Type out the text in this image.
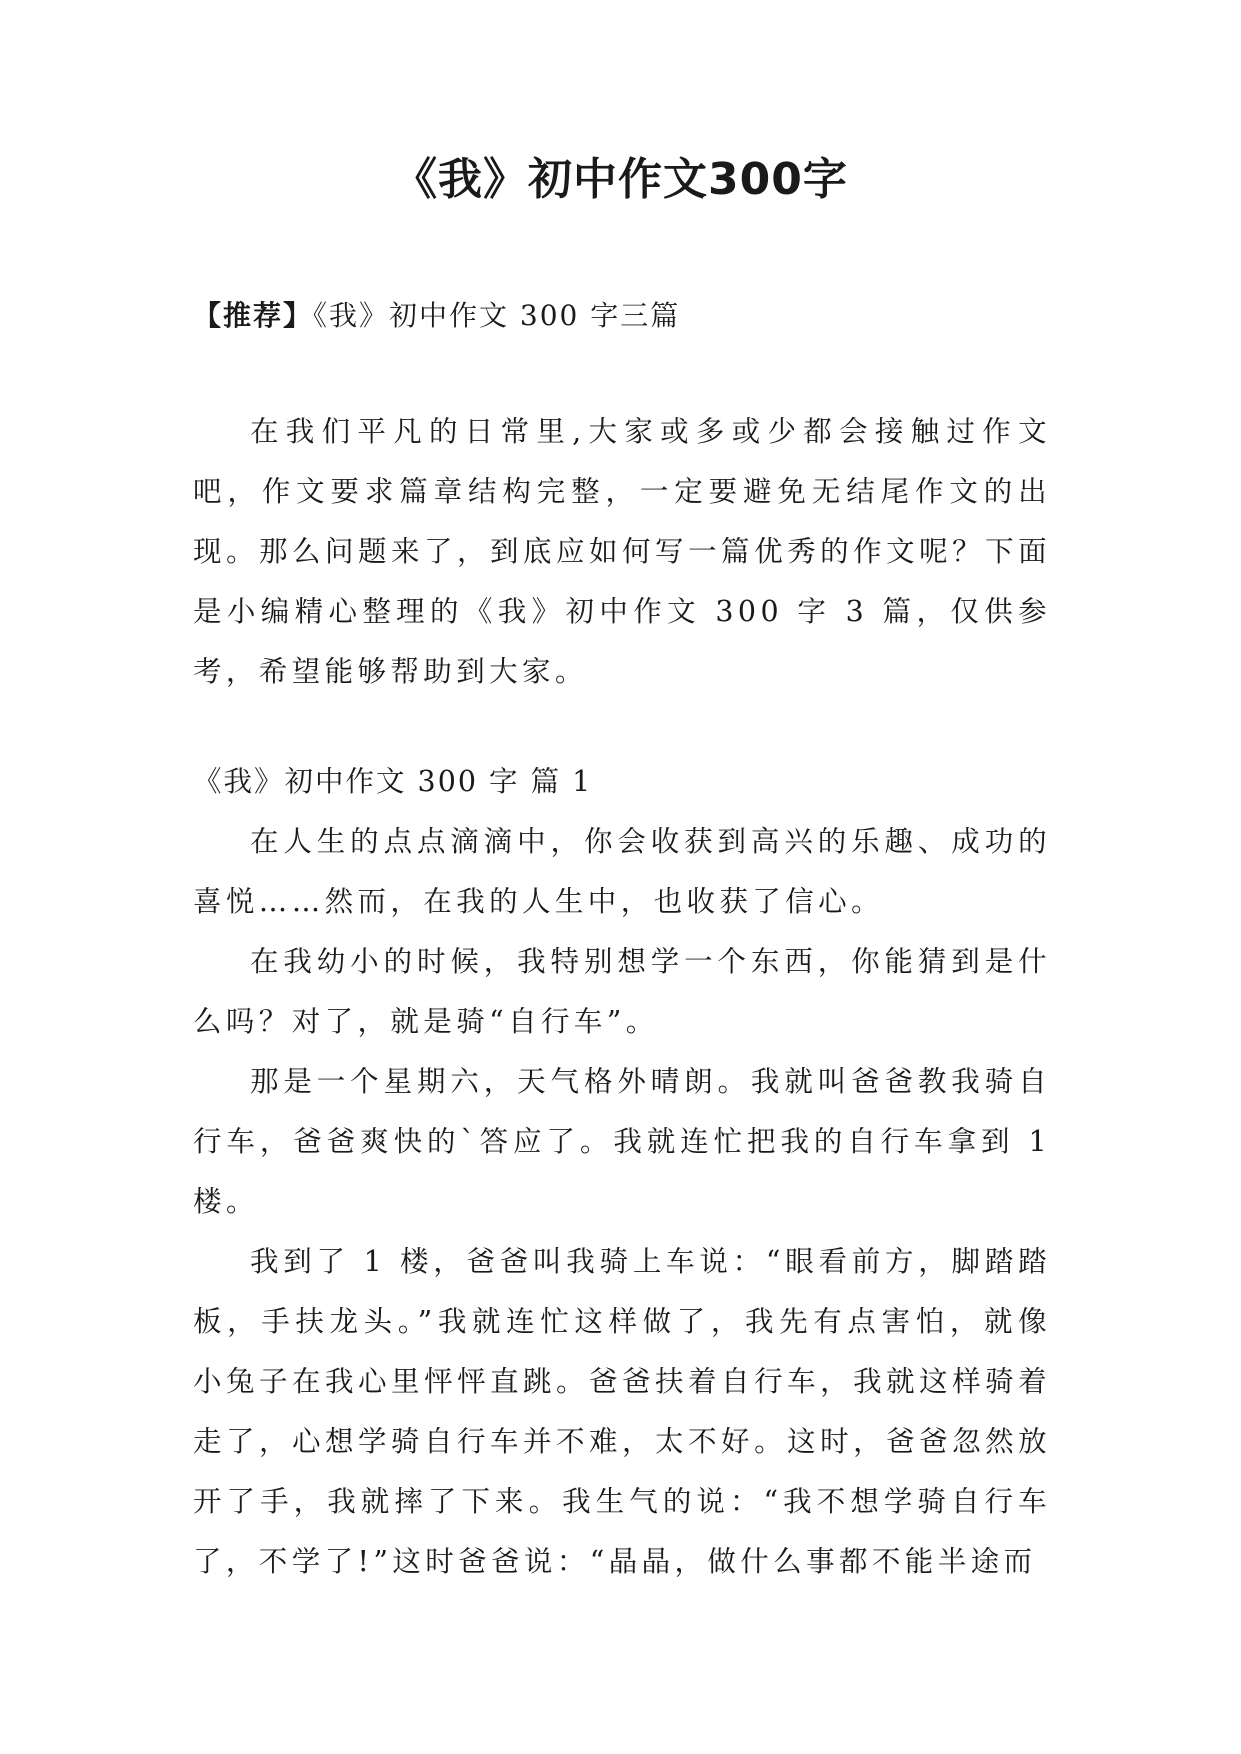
《我》初中作文300字
【推荐】《我》初中作文 300 字三篇

在我们平凡的日常里,大家或多或少都会接触过作文吧，作文要求篇章结构完整，一定要避免无结尾作文的出现。那么问题来了，到底应如何写一篇优秀的作文呢？下面是小编精心整理的《我》初中作文 300 字 3 篇，仅供参考，希望能够帮助到大家。

《我》初中作文 300 字 篇 1

在人生的点点滴滴中，你会收获到高兴的乐趣、成功的喜悦……然而，在我的人生中，也收获了信心。

在我幼小的时候，我特别想学一个东西，你能猜到是什么吗？对了，就是骑“自行车”。

那是一个星期六，天气格外晴朗。我就叫爸爸教我骑自行车，爸爸爽快的`答应了。我就连忙把我的自行车拿到 1 楼。

我到了 1 楼，爸爸叫我骑上车说：“眼看前方，脚踏踏板，手扶龙头。”我就连忙这样做了，我先有点害怕，就像小兔子在我心里怦怦直跳。爸爸扶着自行车，我就这样骑着走了，心想学骑自行车并不难，太不好。这时，爸爸忽然放开了手，我就摔了下来。我生气的说：“我不想学骑自行车了，不学了!”这时爸爸说：“晶晶，做什么事都不能半途而
